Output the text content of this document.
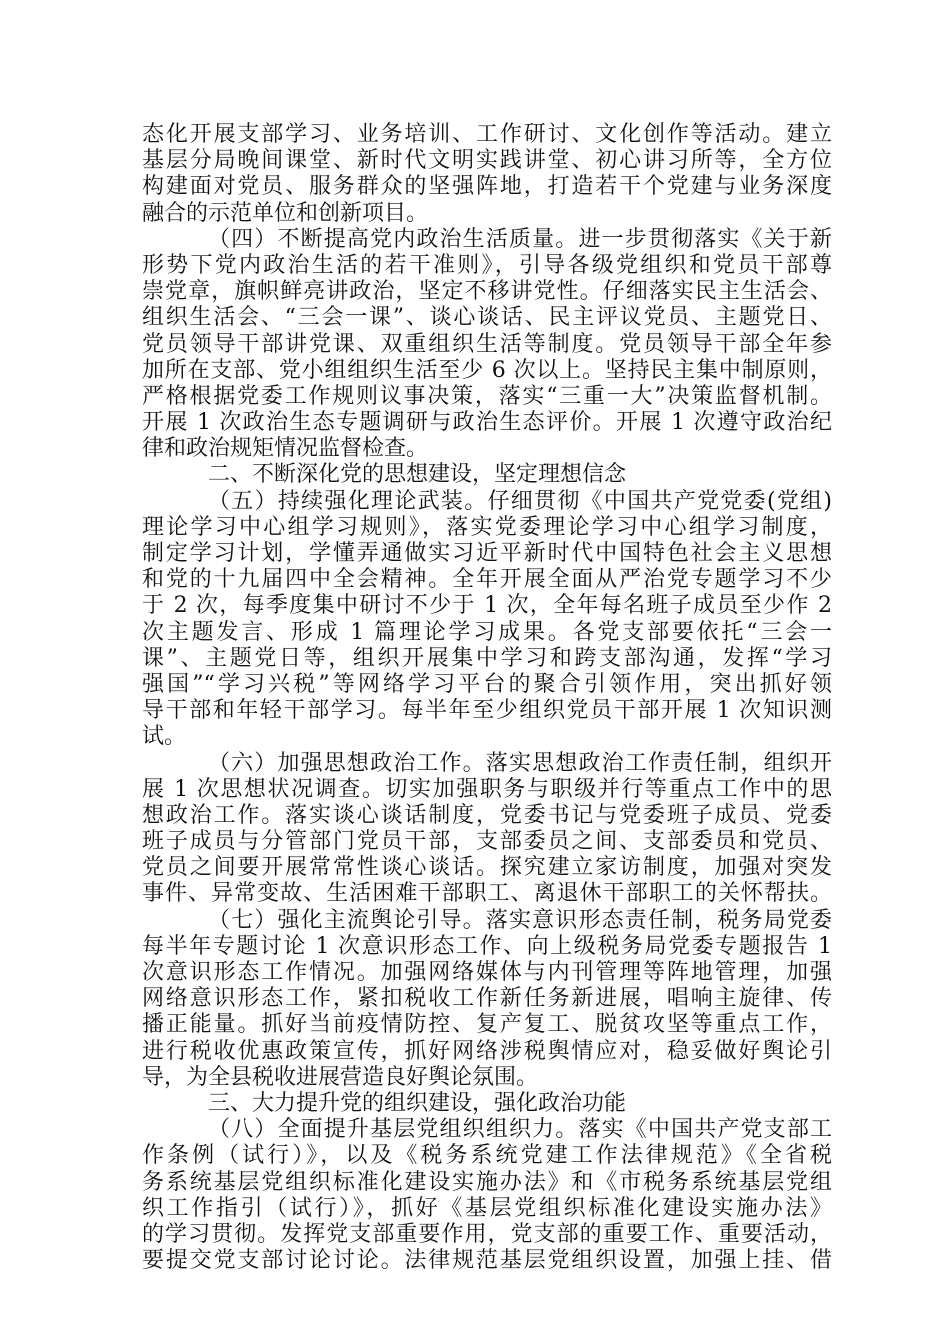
态化开展支部学习、业务培训、工作研讨、文化创作等活动。建立
基层分局晚间课堂、新时代文明实践讲堂、初心讲习所等，全方位
构建面对党员、服务群众的坚强阵地，打造若干个党建与业务深度
融合的示范单位和创新项目。
（四）不断提高党内政治生活质量。进一步贯彻落实《关于新
形势下党内政治生活的若干准则》，引导各级党组织和党员干部尊
崇党章，旗帜鲜亮讲政治，坚定不移讲党性。仔细落实民主生活会、
组织生活会、“三会一课”、谈心谈话、民主评议党员、主题党日、
党员领导干部讲党课、双重组织生活等制度。党员领导干部全年参
加所在支部、党小组组织生活至少 6 次以上。坚持民主集中制原则，
严格根据党委工作规则议事决策，落实“三重一大”决策监督机制。
开展 1 次政治生态专题调研与政治生态评价。开展 1 次遵守政治纪
律和政治规矩情况监督检查。
二、不断深化党的思想建设，坚定理想信念
（五）持续强化理论武装。仔细贯彻《中国共产党党委(党组)
理论学习中心组学习规则》，落实党委理论学习中心组学习制度，
制定学习计划，学懂弄通做实习近平新时代中国特色社会主义思想
和党的十九届四中全会精神。全年开展全面从严治党专题学习不少
于 2 次，每季度集中研讨不少于 1 次，全年每名班子成员至少作 2
次主题发言、形成 1 篇理论学习成果。各党支部要依托“三会一
课”、主题党日等，组织开展集中学习和跨支部沟通，发挥“学习
强国”“学习兴税”等网络学习平台的聚合引领作用，突出抓好领
导干部和年轻干部学习。每半年至少组织党员干部开展 1 次知识测
试。
（六）加强思想政治工作。落实思想政治工作责任制，组织开
展 1 次思想状况调查。切实加强职务与职级并行等重点工作中的思
想政治工作。落实谈心谈话制度，党委书记与党委班子成员、党委
班子成员与分管部门党员干部，支部委员之间、支部委员和党员、
党员之间要开展常常性谈心谈话。探究建立家访制度，加强对突发
事件、异常变故、生活困难干部职工、离退休干部职工的关怀帮扶。
（七）强化主流舆论引导。落实意识形态责任制，税务局党委
每半年专题讨论 1 次意识形态工作、向上级税务局党委专题报告 1
次意识形态工作情况。加强网络媒体与内刊管理等阵地管理，加强
网络意识形态工作，紧扣税收工作新任务新进展，唱响主旋律、传
播正能量。抓好当前疫情防控、复产复工、脱贫攻坚等重点工作，
进行税收优惠政策宣传，抓好网络涉税舆情应对，稳妥做好舆论引
导，为全县税收进展营造良好舆论氛围。
三、大力提升党的组织建设，强化政治功能
（八）全面提升基层党组织组织力。落实《中国共产党支部工
作条例（试行）》，以及《税务系统党建工作法律规范》《全省税
务系统基层党组织标准化建设实施办法》和《市税务系统基层党组
织工作指引（试行）》，抓好《基层党组织标准化建设实施办法》
的学习贯彻。发挥党支部重要作用，党支部的重要工作、重要活动，
要提交党支部讨论讨论。法律规范基层党组织设置，加强上挂、借
